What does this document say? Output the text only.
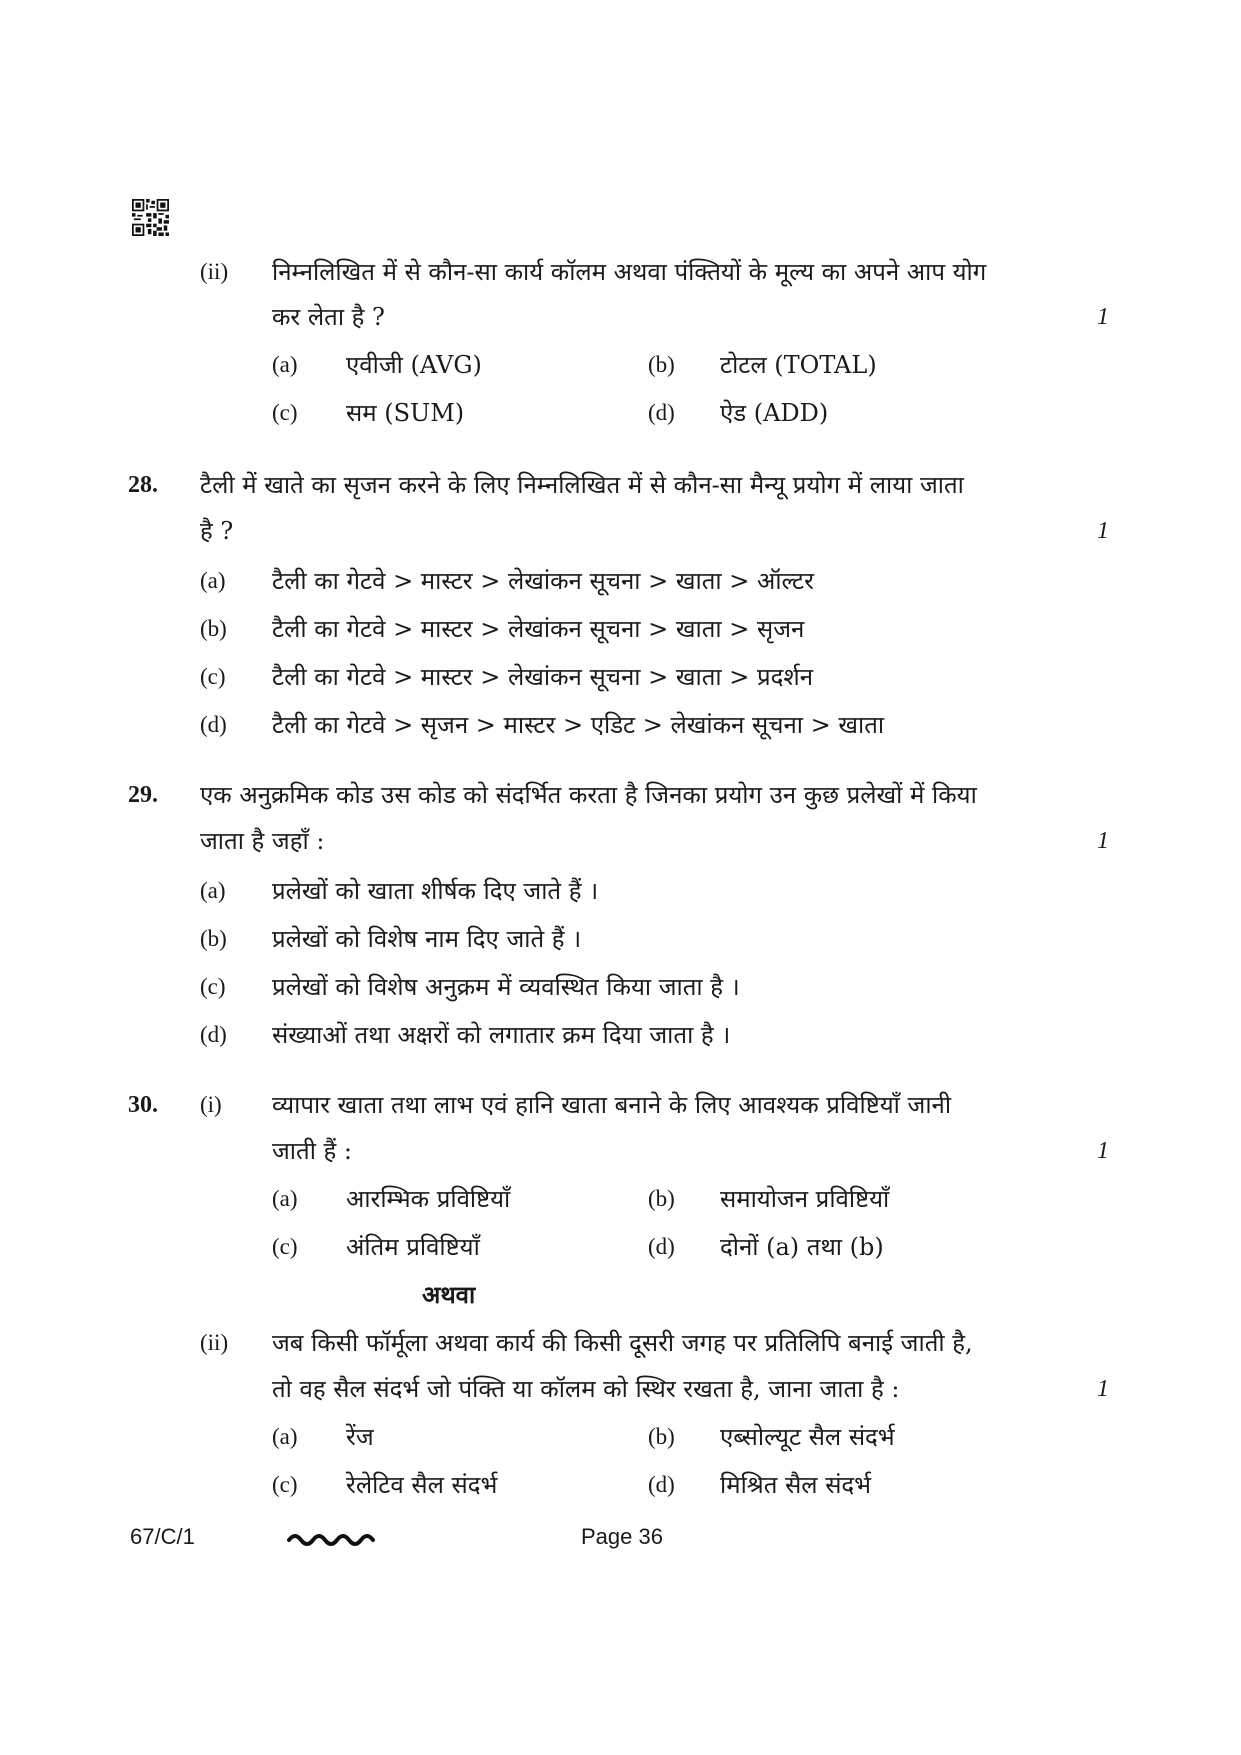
(ii) निम्नलिखित में से कौन-सा कार्य कॉलम अथवा पंक्तियों के मूल्य का अपने आप योग
कर लेता है ?	1
(a) एवीजी (AVG)	(b) टोटल (TOTAL)
(c) सम (SUM)	(d) ऐड (ADD)
28. टैली में खाते का सृजन करने के लिए निम्नलिखित में से कौन-सा मैन्यू प्रयोग में लाया जाता
है ?	1
(a) टैली का गेटवे > मास्टर > लेखांकन सूचना > खाता > ऑल्टर
(b) टैली का गेटवे > मास्टर > लेखांकन सूचना > खाता > सृजन
(c) टैली का गेटवे > मास्टर > लेखांकन सूचना > खाता > प्रदर्शन
(d) टैली का गेटवे > सृजन > मास्टर > एडिट > लेखांकन सूचना > खाता
29. एक अनुक्रमिक कोड उस कोड को संदर्भित करता है जिनका प्रयोग उन कुछ प्रलेखों में किया
जाता है जहाँ :	1
(a) प्रलेखों को खाता शीर्षक दिए जाते हैं ।
(b) प्रलेखों को विशेष नाम दिए जाते हैं ।
(c) प्रलेखों को विशेष अनुक्रम में व्यवस्थित किया जाता है ।
(d) संख्याओं तथा अक्षरों को लगातार क्रम दिया जाता है ।
30. (i) व्यापार खाता तथा लाभ एवं हानि खाता बनाने के लिए आवश्यक प्रविष्टियाँ जानी
जाती हैं :	1
(a) आरम्भिक प्रविष्टियाँ	(b) समायोजन प्रविष्टियाँ
(c) अंतिम प्रविष्टियाँ	(d) दोनों (a) तथा (b)
अथवा
(ii) जब किसी फॉर्मूला अथवा कार्य की किसी दूसरी जगह पर प्रतिलिपि बनाई जाती है,
तो वह सैल संदर्भ जो पंक्ति या कॉलम को स्थिर रखता है, जाना जाता है :	1
(a) रेंज	(b) एब्सोल्यूट सैल संदर्भ
(c) रेलेटिव सैल संदर्भ	(d) मिश्रित सैल संदर्भ
67/C/1	Page 36
